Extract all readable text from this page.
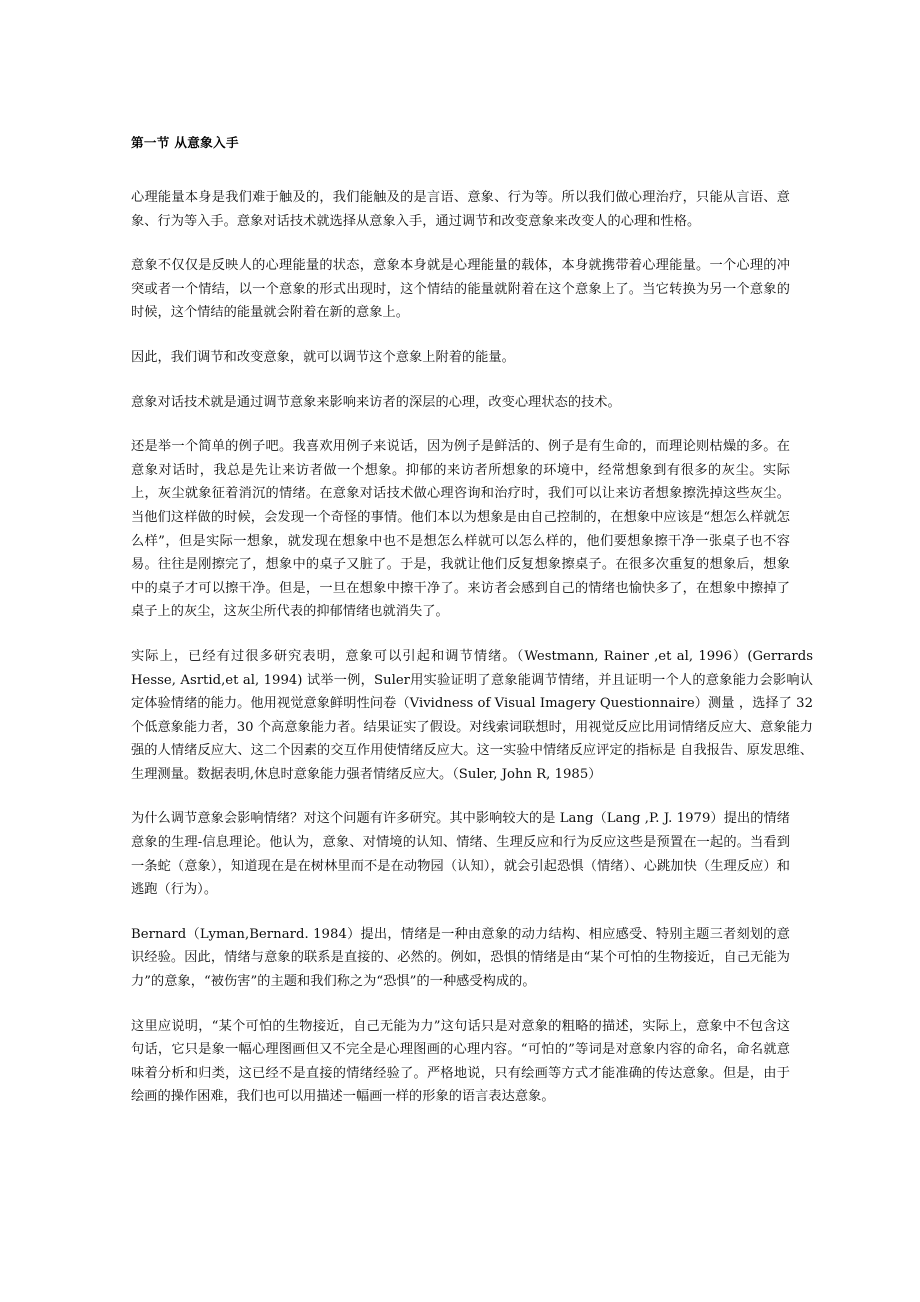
第一节 从意象入手

心理能量本身是我们难于触及的，我们能触及的是言语、意象、行为等。所以我们做心理治疗，只能从言语、意象、行为等入手。意象对话技术就选择从意象入手，通过调节和改变意象来改变人的心理和性格。

意象不仅仅是反映人的心理能量的状态，意象本身就是心理能量的载体，本身就携带着心理能量。一个心理的冲突或者一个情结，以一个意象的形式出现时，这个情结的能量就附着在这个意象上了。当它转换为另一个意象的时候，这个情结的能量就会附着在新的意象上。

因此，我们调节和改变意象，就可以调节这个意象上附着的能量。

意象对话技术就是通过调节意象来影响来访者的深层的心理，改变心理状态的技术。

还是举一个简单的例子吧。我喜欢用例子来说话，因为例子是鲜活的、例子是有生命的，而理论则枯燥的多。在意象对话时，我总是先让来访者做一个想象。抑郁的来访者所想象的环境中，经常想象到有很多的灰尘。实际上，灰尘就象征着消沉的情绪。在意象对话技术做心理咨询和治疗时，我们可以让来访者想象擦洗掉这些灰尘。当他们这样做的时候，会发现一个奇怪的事情。他们本以为想象是由自己控制的，在想象中应该是“想怎么样就怎么样”，但是实际一想象，就发现在想象中也不是想怎么样就可以怎么样的，他们要想象擦干净一张桌子也不容易。往往是刚擦完了，想象中的桌子又脏了。于是，我就让他们反复想象擦桌子。在很多次重复的想象后，想象中的桌子才可以擦干净。但是，一旦在想象中擦干净了。来访者会感到自己的情绪也愉快多了，在想象中擦掉了桌子上的灰尘，这灰尘所代表的抑郁情绪也就消失了。

实际上，已经有过很多研究表明，意象可以引起和调节情绪。（Westmann, Rainer ,et al, 1996）(Gerrards Hesse, Asrtid,et al, 1994) 试举一例，Suler用实验证明了意象能调节情绪，并且证明一个人的意象能力会影响认定体验情绪的能力。他用视觉意象鲜明性问卷（Vividness of Visual Imagery Questionnaire）测量 ，选择了 32 个低意象能力者，30 个高意象能力者。结果证实了假设。对线索词联想时，用视觉反应比用词情绪反应大、意象能力强的人情绪反应大、这二个因素的交互作用使情绪反应大。这一实验中情绪反应评定的指标是 自我报告、原发思维、生理测量。数据表明,休息时意象能力强者情绪反应大。（Suler, John R, 1985）

为什么调节意象会影响情绪？对这个问题有许多研究。其中影响较大的是 Lang（Lang ,P. J. 1979）提出的情绪意象的生理-信息理论。他认为，意象、对情境的认知、情绪、生理反应和行为反应这些是预置在一起的。当看到一条蛇（意象），知道现在是在树林里而不是在动物园（认知），就会引起恐惧（情绪）、心跳加快（生理反应）和逃跑（行为）。

Bernard（Lyman,Bernard. 1984）提出，情绪是一种由意象的动力结构、相应感受、特别主题三者刻划的意识经验。因此，情绪与意象的联系是直接的、必然的。例如，恐惧的情绪是由“某个可怕的生物接近，自己无能为力”的意象，“被伤害”的主题和我们称之为“恐惧”的一种感受构成的。

这里应说明，“某个可怕的生物接近，自己无能为力”这句话只是对意象的粗略的描述，实际上，意象中不包含这句话，它只是象一幅心理图画但又不完全是心理图画的心理内容。“可怕的”等词是对意象内容的命名，命名就意味着分析和归类，这已经不是直接的情绪经验了。严格地说，只有绘画等方式才能准确的传达意象。但是，由于绘画的操作困难，我们也可以用描述一幅画一样的形象的语言表达意象。
